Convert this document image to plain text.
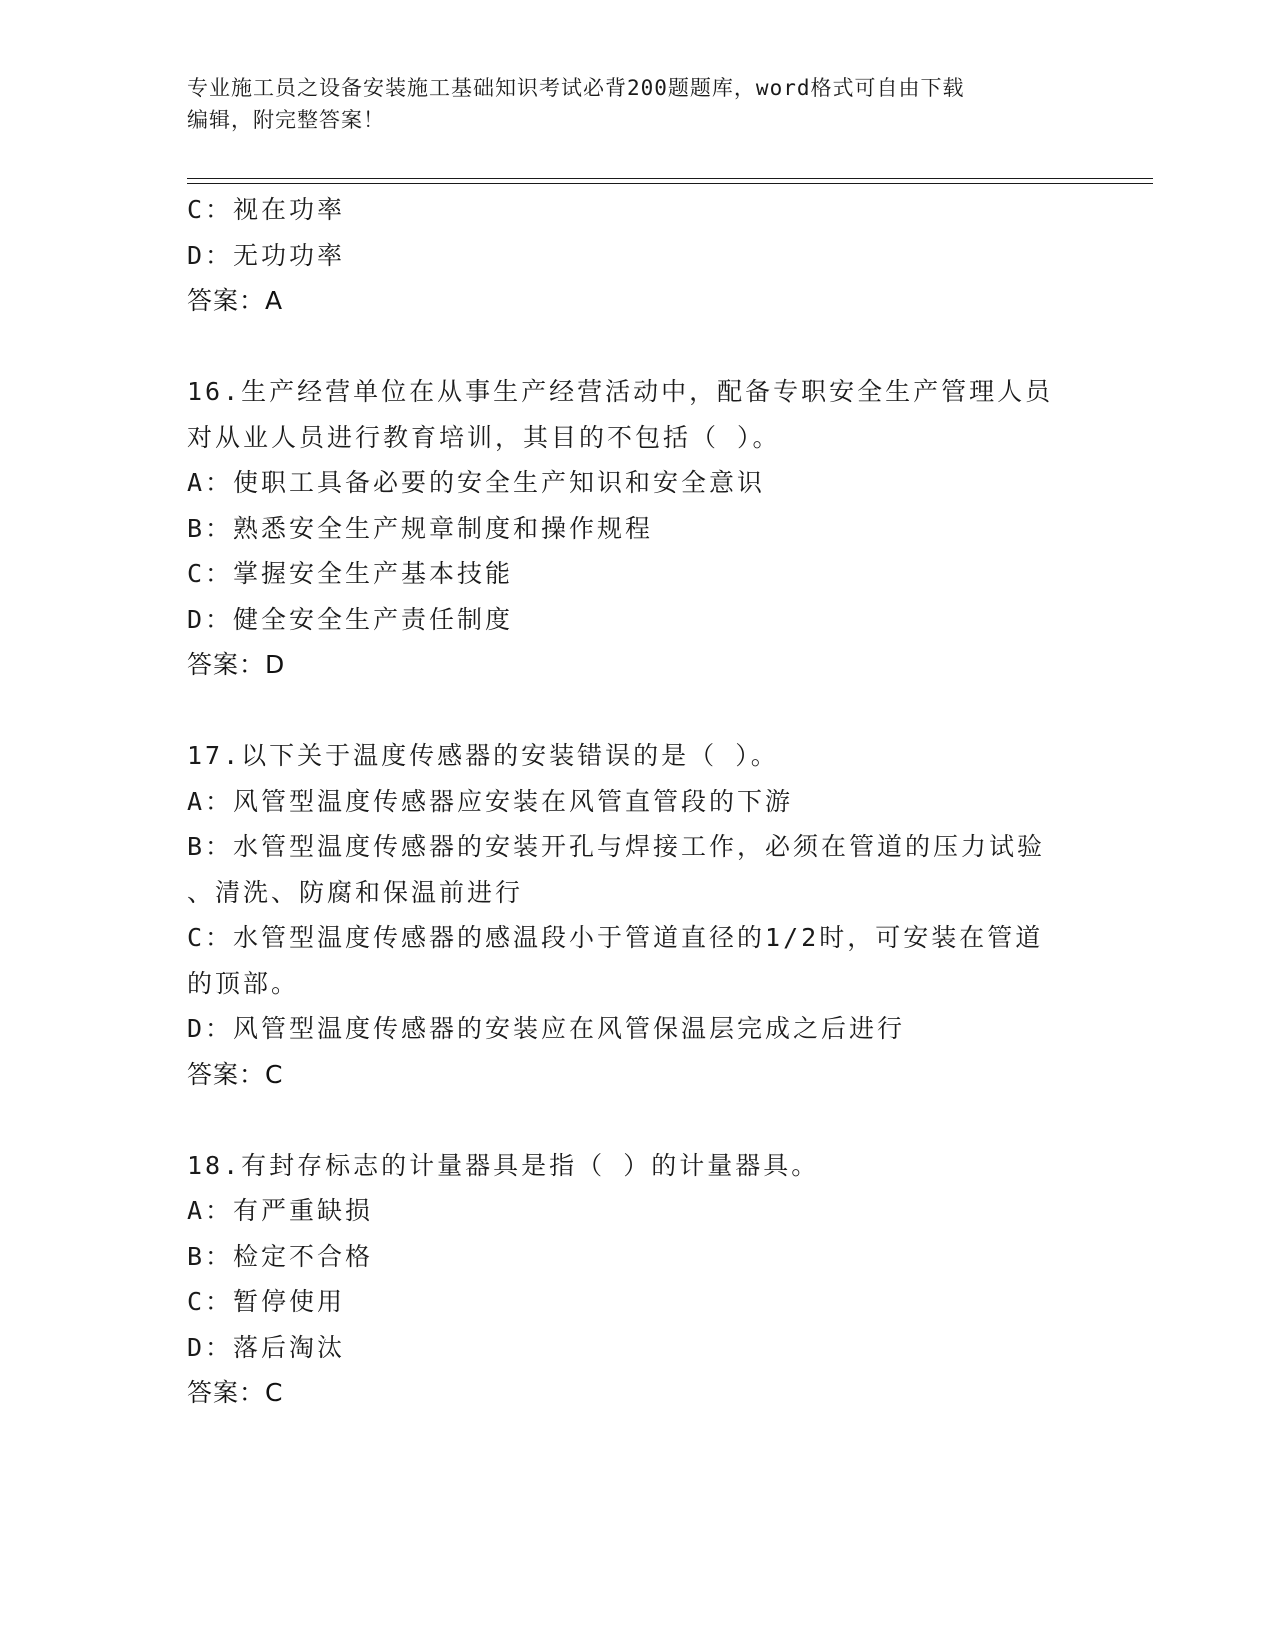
专业施工员之设备安装施工基础知识考试必背200题题库，word格式可自由下载
编辑，附完整答案！
C：视在功率
D：无功功率
答案：A
16.生产经营单位在从事生产经营活动中，配备专职安全生产管理人员
对从业人员进行教育培训，其目的不包括（ ）。
A：使职工具备必要的安全生产知识和安全意识
B：熟悉安全生产规章制度和操作规程
C：掌握安全生产基本技能
D：健全安全生产责任制度
答案：D
17.以下关于温度传感器的安装错误的是（ ）。
A：风管型温度传感器应安装在风管直管段的下游
B：水管型温度传感器的安装开孔与焊接工作，必须在管道的压力试验
、清洗、防腐和保温前进行
C：水管型温度传感器的感温段小于管道直径的1/2时，可安装在管道
的顶部。
D：风管型温度传感器的安装应在风管保温层完成之后进行
答案：C
18.有封存标志的计量器具是指（ ）的计量器具。
A：有严重缺损
B：检定不合格
C：暂停使用
D：落后淘汰
答案：C
